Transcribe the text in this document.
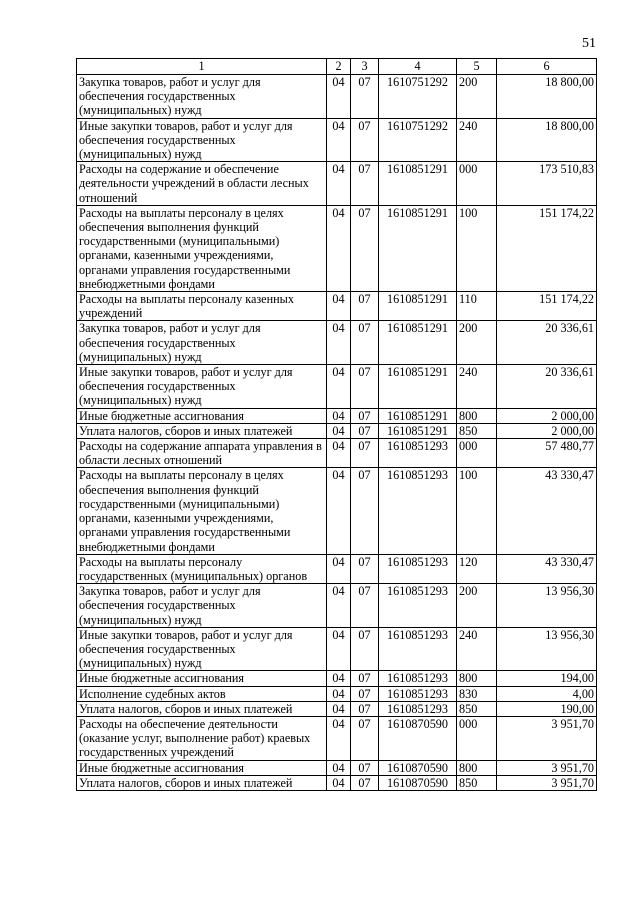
51
1	2	3	4	5	6
Закупка товаров, работ и услуг для обеспечения государственных (муниципальных) нужд	04	07	1610751292	200	18 800,00
Иные закупки товаров, работ и услуг для обеспечения государственных (муниципальных) нужд	04	07	1610751292	240	18 800,00
Расходы на содержание и обеспечение деятельности учреждений в области лесных отношений	04	07	1610851291	000	173 510,83
Расходы на выплаты персоналу в целях обеспечения выполнения функций государственными (муниципальными) органами, казенными учреждениями, органами управления государственными внебюджетными фондами	04	07	1610851291	100	151 174,22
Расходы на выплаты персоналу казенных учреждений	04	07	1610851291	110	151 174,22
Закупка товаров, работ и услуг для обеспечения государственных (муниципальных) нужд	04	07	1610851291	200	20 336,61
Иные закупки товаров, работ и услуг для обеспечения государственных (муниципальных) нужд	04	07	1610851291	240	20 336,61
Иные бюджетные ассигнования	04	07	1610851291	800	2 000,00
Уплата налогов, сборов и иных платежей	04	07	1610851291	850	2 000,00
Расходы на содержание аппарата управления в области лесных отношений	04	07	1610851293	000	57 480,77
Расходы на выплаты персоналу в целях обеспечения выполнения функций государственными (муниципальными) органами, казенными учреждениями, органами управления государственными внебюджетными фондами	04	07	1610851293	100	43 330,47
Расходы на выплаты персоналу государственных (муниципальных) органов	04	07	1610851293	120	43 330,47
Закупка товаров, работ и услуг для обеспечения государственных (муниципальных) нужд	04	07	1610851293	200	13 956,30
Иные закупки товаров, работ и услуг для обеспечения государственных (муниципальных) нужд	04	07	1610851293	240	13 956,30
Иные бюджетные ассигнования	04	07	1610851293	800	194,00
Исполнение судебных актов	04	07	1610851293	830	4,00
Уплата налогов, сборов и иных платежей	04	07	1610851293	850	190,00
Расходы на обеспечение деятельности (оказание услуг, выполнение работ) краевых государственных учреждений	04	07	1610870590	000	3 951,70
Иные бюджетные ассигнования	04	07	1610870590	800	3 951,70
Уплата налогов, сборов и иных платежей	04	07	1610870590	850	3 951,70
